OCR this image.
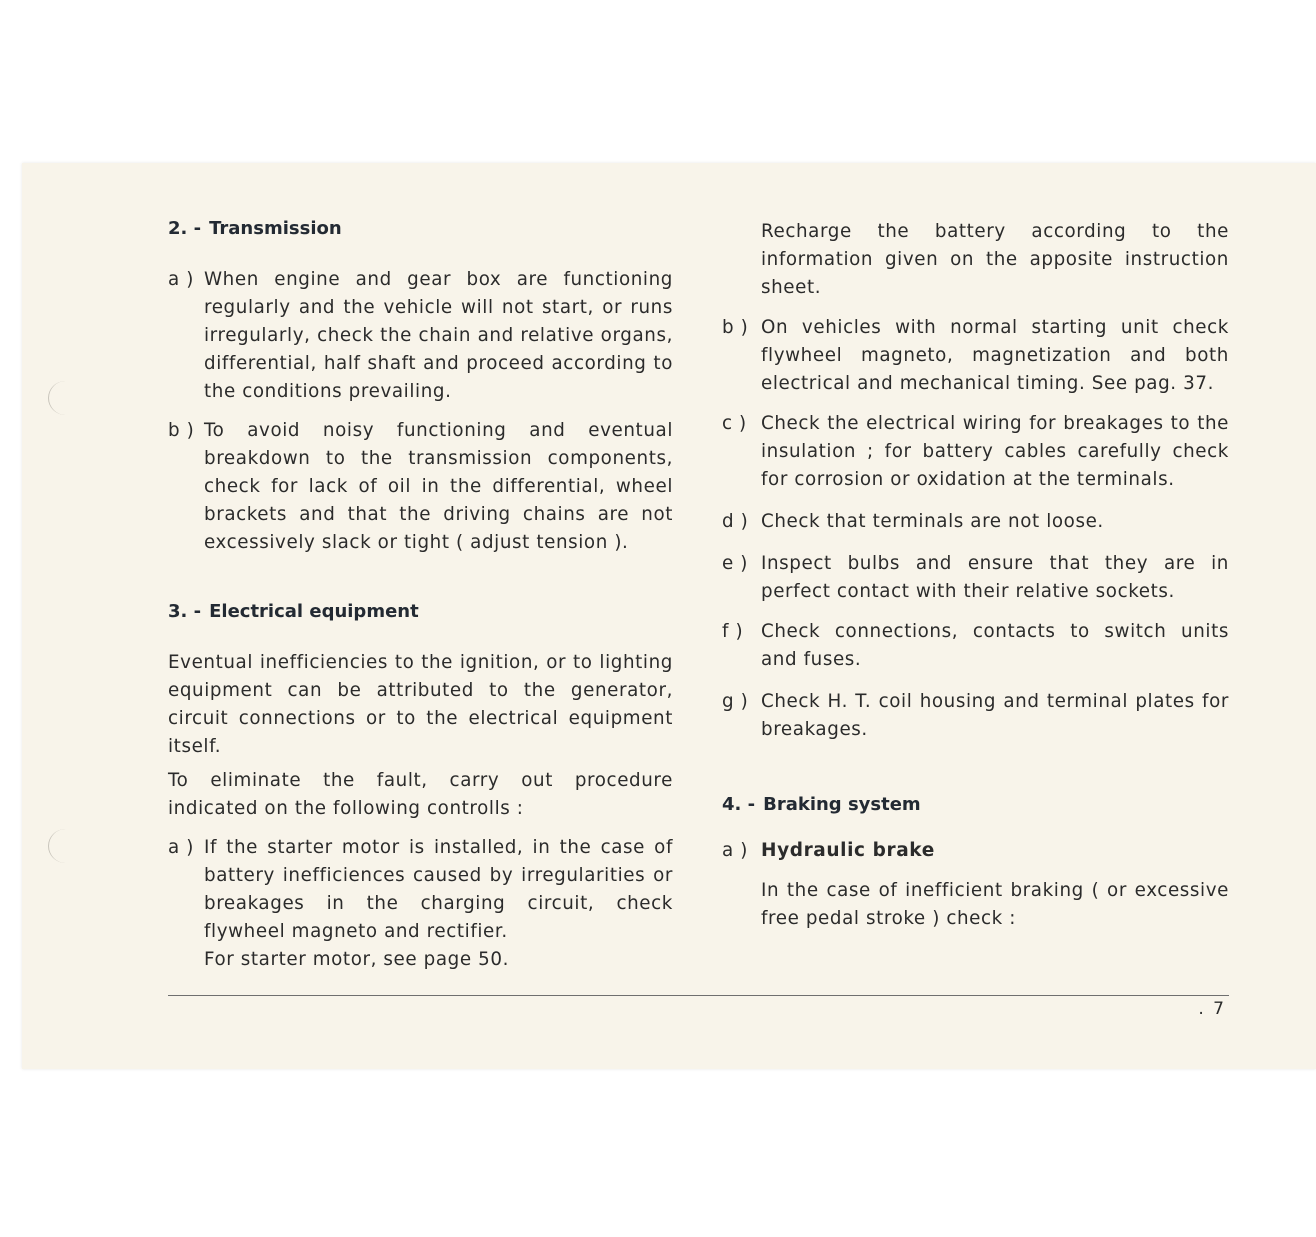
2. - Transmission
a ) When engine and gear box are functioning regularly and the vehicle will not start, or runs irregularly, check the chain and relative organs, differential, half shaft and proceed according to the conditions prevailing.
b ) To avoid noisy functioning and eventual breakdown to the transmission components, check for lack of oil in the differential, wheel brackets and that the driving chains are not excessively slack or tight ( adjust tension ).
3. - Electrical equipment
Eventual inefficiencies to the ignition, or to lighting equipment can be attributed to the generator, circuit connections or to the electrical equipment itself.
To eliminate the fault, carry out procedure indicated on the following controlls :
a ) If the starter motor is installed, in the case of battery inefficiences caused by irregularities or breakages in the charging circuit, check flywheel magneto and rectifier.
For starter motor, see page 50.
Recharge the battery according to the information given on the apposite instruction sheet.
b ) On vehicles with normal starting unit check flywheel magneto, magnetization and both electrical and mechanical timing. See pag. 37.
c ) Check the electrical wiring for breakages to the insulation ; for battery cables carefully check for corrosion or oxidation at the terminals.
d ) Check that terminals are not loose.
e ) Inspect bulbs and ensure that they are in perfect contact with their relative sockets.
f ) Check connections, contacts to switch units and fuses.
g ) Check H. T. coil housing and terminal plates for breakages.
4. - Braking system
a ) Hydraulic brake
In the case of inefficient braking ( or excessive free pedal stroke ) check :
. 7
